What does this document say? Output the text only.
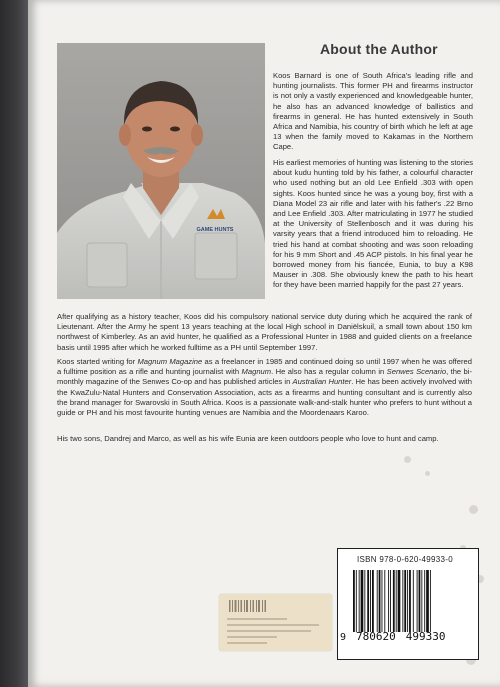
GAME HUNTS
About the Author

Koos Barnard is one of South Africa's leading rifle and hunting journalists. This former PH and firearms instructor is not only a vastly experienced and knowledgeable hunter, he also has an advanced knowledge of ballistics and firearms in general. He has hunted extensively in South Africa and Namibia, his country of birth which he left at age 13 when the family moved to Kakamas in the Northern Cape.

His earliest memories of hunting was listening to the stories about kudu hunting told by his father, a colourful character who used nothing but an old Lee Enfield .303 with open sights. Koos hunted since he was a young boy, first with a Diana Model 23 air rifle and later with his father's .22 Brno and Lee Enfield .303. After matriculating in 1977 he studied at the University of Stellenbosch and it was during his varsity years that a friend introduced him to reloading. He tried his hand at combat shooting and was soon reloading for his 9 mm Short and .45 ACP pistols. In his final year he borrowed money from his fiancée, Eunia, to buy a K98 Mauser in .308. She obviously knew the path to his heart for they have been married happily for the past 27 years.

After qualifying as a history teacher, Koos did his compulsory national service duty during which he acquired the rank of Lieutenant. After the Army he spent 13 years teaching at the local High school in Daniëlskuil, a small town about 150 km northwest of Kimberley. As an avid hunter, he qualified as a Professional Hunter in 1988 and guided clients on a freelance basis until 1995 after which he worked fulltime as a PH until September 1997.

Koos started writing for Magnum Magazine as a freelancer in 1985 and continued doing so until 1997 when he was offered a fulltime position as a rifle and hunting journalist with Magnum. He also has a regular column in Senwes Scenario, the bi-monthly magazine of the Senwes Co-op and has published articles in Australian Hunter. He has been actively involved with the KwaZulu-Natal Hunters and Conservation Association, acts as a firearms and hunting consultant and is currently also the brand manager for Swarovski in South Africa. Koos is a passionate walk-and-stalk hunter who prefers to hunt without a guide or PH and his most favourite hunting venues are Namibia and the Moordenaars Karoo.

His two sons, Dandrej and Marco, as well as his wife Eunia are keen outdoors people who love to hunt and camp.

ISBN 978-0-620-49933-0
9 780620 499330
